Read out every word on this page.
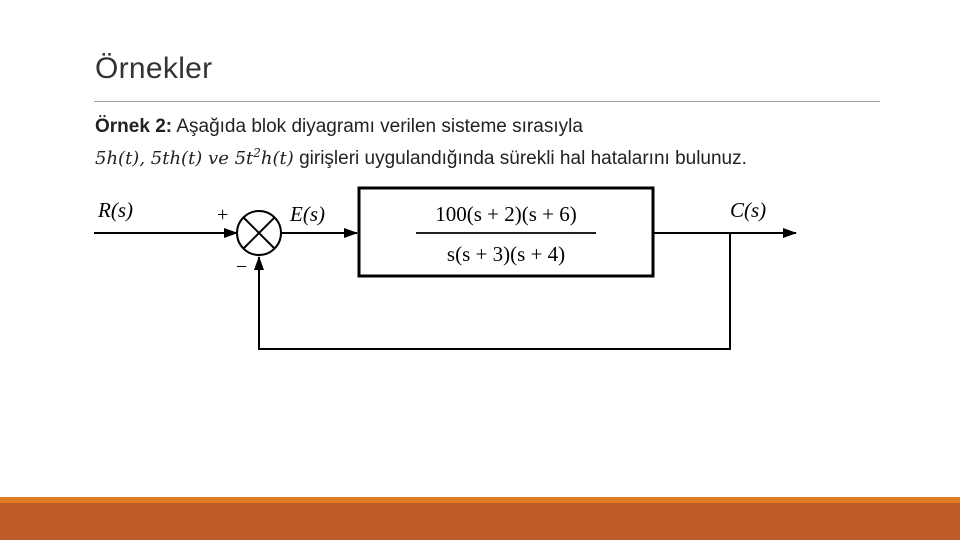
Örnekler
Örnek 2: Aşağıda blok diyagramı verilen sisteme sırasıyla
5h(t), 5th(t) ve $5t^2h(t)$ girişleri uygulandığında sürekli hal hatalarını bulunuz.
R(s)	+
−
E(s)	100(s + 2)(s + 6)
s(s + 3)(s + 4)
C(s)
